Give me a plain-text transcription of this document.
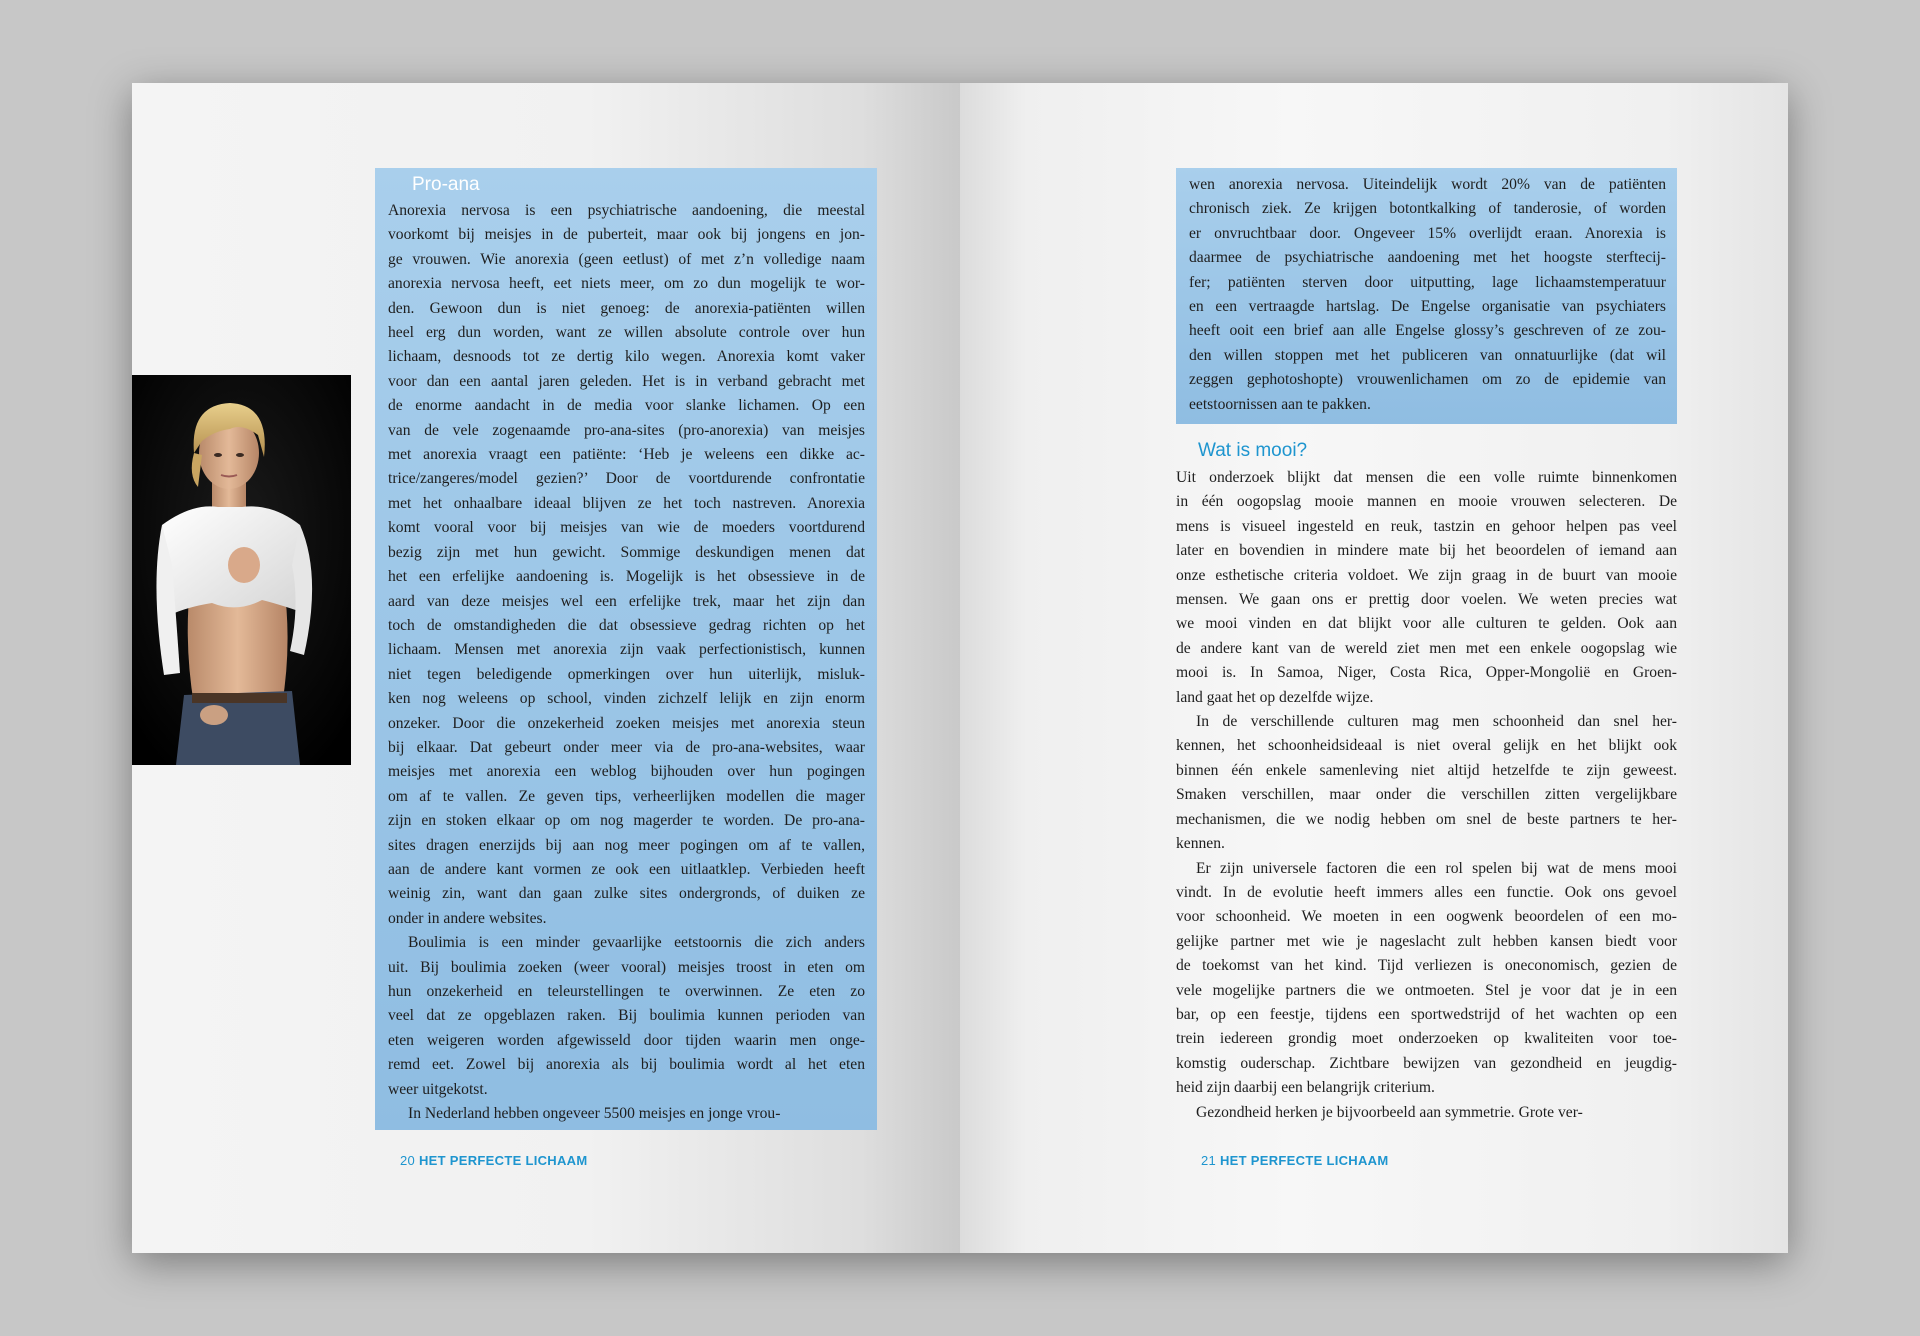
Pro-ana
Anorexia nervosa is een psychiatrische aandoening, die meestal
voorkomt bij meisjes in de puberteit, maar ook bij jongens en jon-
ge vrouwen. Wie anorexia (geen eetlust) of met z’n volledige naam
anorexia nervosa heeft, eet niets meer, om zo dun mogelijk te wor-
den. Gewoon dun is niet genoeg: de anorexia-patiënten willen
heel erg dun worden, want ze willen absolute controle over hun
lichaam, desnoods tot ze dertig kilo wegen. Anorexia komt vaker
voor dan een aantal jaren geleden. Het is in verband gebracht met
de enorme aandacht in de media voor slanke lichamen. Op een
van de vele zogenaamde pro-ana-sites (pro-anorexia) van meisjes
met anorexia vraagt een patiënte: ‘Heb je weleens een dikke ac-
trice/zangeres/model gezien?’ Door de voortdurende confrontatie
met het onhaalbare ideaal blijven ze het toch nastreven. Anorexia
komt vooral voor bij meisjes van wie de moeders voortdurend
bezig zijn met hun gewicht. Sommige deskundigen menen dat
het een erfelijke aandoening is. Mogelijk is het obsessieve in de
aard van deze meisjes wel een erfelijke trek, maar het zijn dan
toch de omstandigheden die dat obsessieve gedrag richten op het
lichaam. Mensen met anorexia zijn vaak perfectionistisch, kunnen
niet tegen beledigende opmerkingen over hun uiterlijk, misluk-
ken nog weleens op school, vinden zichzelf lelijk en zijn enorm
onzeker. Door die onzekerheid zoeken meisjes met anorexia steun
bij elkaar. Dat gebeurt onder meer via de pro-ana-websites, waar
meisjes met anorexia een weblog bijhouden over hun pogingen
om af te vallen. Ze geven tips, verheerlijken modellen die mager
zijn en stoken elkaar op om nog magerder te worden. De pro-ana-
sites dragen enerzijds bij aan nog meer pogingen om af te vallen,
aan de andere kant vormen ze ook een uitlaatklep. Verbieden heeft
weinig zin, want dan gaan zulke sites ondergronds, of duiken ze
onder in andere websites.
Boulimia is een minder gevaarlijke eetstoornis die zich anders
uit. Bij boulimia zoeken (weer vooral) meisjes troost in eten om
hun onzekerheid en teleurstellingen te overwinnen. Ze eten zo
veel dat ze opgeblazen raken. Bij boulimia kunnen perioden van
eten weigeren worden afgewisseld door tijden waarin men onge-
remd eet. Zowel bij anorexia als bij boulimia wordt al het eten
weer uitgekotst.
In Nederland hebben ongeveer 5500 meisjes en jonge vrou-

20 HET PERFECTE LICHAAM

wen anorexia nervosa. Uiteindelijk wordt 20% van de patiënten
chronisch ziek. Ze krijgen botontkalking of tanderosie, of worden
er onvruchtbaar door. Ongeveer 15% overlijdt eraan. Anorexia is
daarmee de psychiatrische aandoening met het hoogste sterftecij-
fer; patiënten sterven door uitputting, lage lichaamstemperatuur
en een vertraagde hartslag. De Engelse organisatie van psychiaters
heeft ooit een brief aan alle Engelse glossy’s geschreven of ze zou-
den willen stoppen met het publiceren van onnatuurlijke (dat wil
zeggen gephotoshopte) vrouwenlichamen om zo de epidemie van
eetstoornissen aan te pakken.
Wat is mooi?
Uit onderzoek blijkt dat mensen die een volle ruimte binnenkomen
in één oogopslag mooie mannen en mooie vrouwen selecteren. De
mens is visueel ingesteld en reuk, tastzin en gehoor helpen pas veel
later en bovendien in mindere mate bij het beoordelen of iemand aan
onze esthetische criteria voldoet. We zijn graag in de buurt van mooie
mensen. We gaan ons er prettig door voelen. We weten precies wat
we mooi vinden en dat blijkt voor alle culturen te gelden. Ook aan
de andere kant van de wereld ziet men met een enkele oogopslag wie
mooi is. In Samoa, Niger, Costa Rica, Opper-Mongolië en Groen-
land gaat het op dezelfde wijze.
In de verschillende culturen mag men schoonheid dan snel her-
kennen, het schoonheidsideaal is niet overal gelijk en het blijkt ook
binnen één enkele samenleving niet altijd hetzelfde te zijn geweest.
Smaken verschillen, maar onder die verschillen zitten vergelijkbare
mechanismen, die we nodig hebben om snel de beste partners te her-
kennen.
Er zijn universele factoren die een rol spelen bij wat de mens mooi
vindt. In de evolutie heeft immers alles een functie. Ook ons gevoel
voor schoonheid. We moeten in een oogwenk beoordelen of een mo-
gelijke partner met wie je nageslacht zult hebben kansen biedt voor
de toekomst van het kind. Tijd verliezen is oneconomisch, gezien de
vele mogelijke partners die we ontmoeten. Stel je voor dat je in een
bar, op een feestje, tijdens een sportwedstrijd of het wachten op een
trein iedereen grondig moet onderzoeken op kwaliteiten voor toe-
komstig ouderschap. Zichtbare bewijzen van gezondheid en jeugdig-
heid zijn daarbij een belangrijk criterium.
Gezondheid herken je bijvoorbeeld aan symmetrie. Grote ver-

21 HET PERFECTE LICHAAM
